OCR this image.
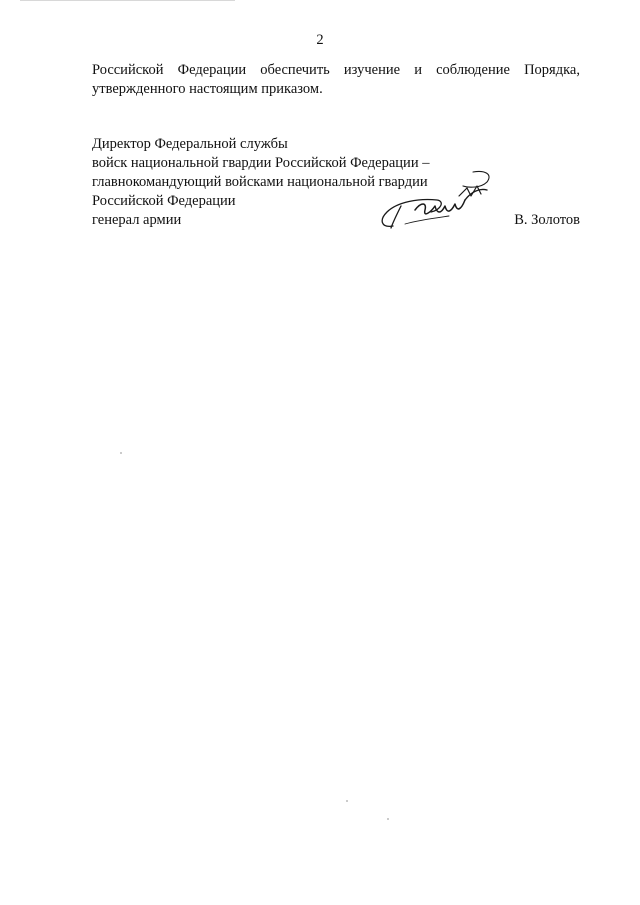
2
Российской Федерации обеспечить изучение и соблюдение Порядка,
утвержденного настоящим приказом.
Директор Федеральной службы
войск национальной гвардии Российской Федерации –
главнокомандующий войсками национальной гвардии
Российской Федерации
генерал армии	В. Золотов
